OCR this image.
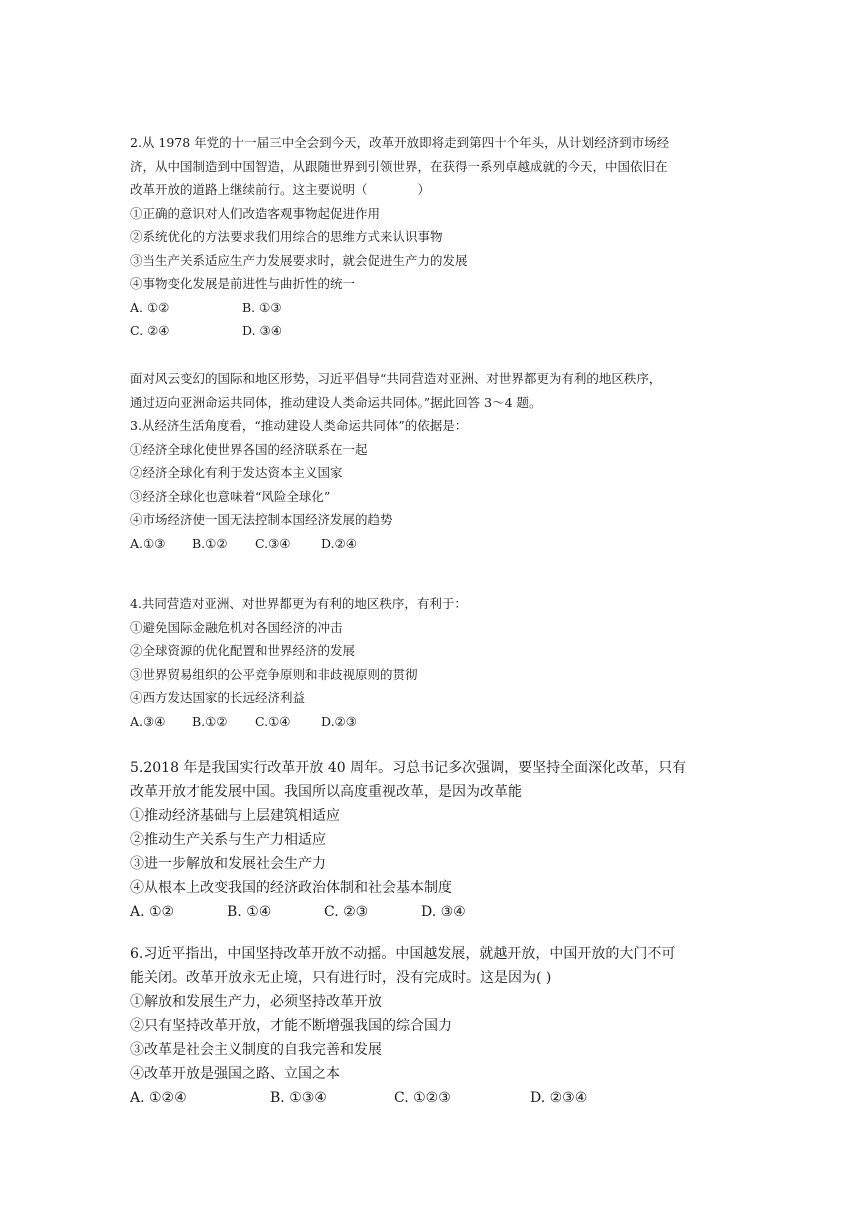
2.从 1978 年党的十一届三中全会到今天，改革开放即将走到第四十个年头，从计划经济到市场经
济，从中国制造到中国智造，从跟随世界到引领世界，在获得一系列卓越成就的今天，中国依旧在
改革开放的道路上继续前行。这主要说明（　　　　）
①正确的意识对人们改造客观事物起促进作用
②系统优化的方法要求我们用综合的思维方式来认识事物
③当生产关系适应生产力发展要求时，就会促进生产力的发展
④事物变化发展是前进性与曲折性的统一
A. ①②	B. ①③
C. ②④	D. ③④
面对风云变幻的国际和地区形势，习近平倡导“共同营造对亚洲、对世界都更为有利的地区秩序，
通过迈向亚洲命运共同体，推动建设人类命运共同体。”据此回答 3～4 题。
3.从经济生活角度看，“推动建设人类命运共同体”的依据是：
①经济全球化使世界各国的经济联系在一起
②经济全球化有利于发达资本主义国家
③经济全球化也意味着“风险全球化”
④市场经济使一国无法控制本国经济发展的趋势
A.①③	B.①②	C.③④	D.②④
4.共同营造对亚洲、对世界都更为有利的地区秩序，有利于：
①避免国际金融危机对各国经济的冲击
②全球资源的优化配置和世界经济的发展
③世界贸易组织的公平竞争原则和非歧视原则的贯彻
④西方发达国家的长远经济利益
A.③④	B.①②	C.①④	D.②③
5.2018 年是我国实行改革开放 40 周年。习总书记多次强调，要坚持全面深化改革，只有
改革开放才能发展中国。我国所以高度重视改革，是因为改革能
①推动经济基础与上层建筑相适应
②推动生产关系与生产力相适应
③进一步解放和发展社会生产力
④从根本上改变我国的经济政治体制和社会基本制度
A. ①②	B. ①④	C. ②③	D. ③④
6.习近平指出，中国坚持改革开放不动摇。中国越发展，就越开放，中国开放的大门不可
能关闭。改革开放永无止境，只有进行时，没有完成时。这是因为( )
①解放和发展生产力，必须坚持改革开放
②只有坚持改革开放，才能不断增强我国的综合国力
③改革是社会主义制度的自我完善和发展
④改革开放是强国之路、立国之本
A. ①②④	B. ①③④	C. ①②③	D. ②③④
